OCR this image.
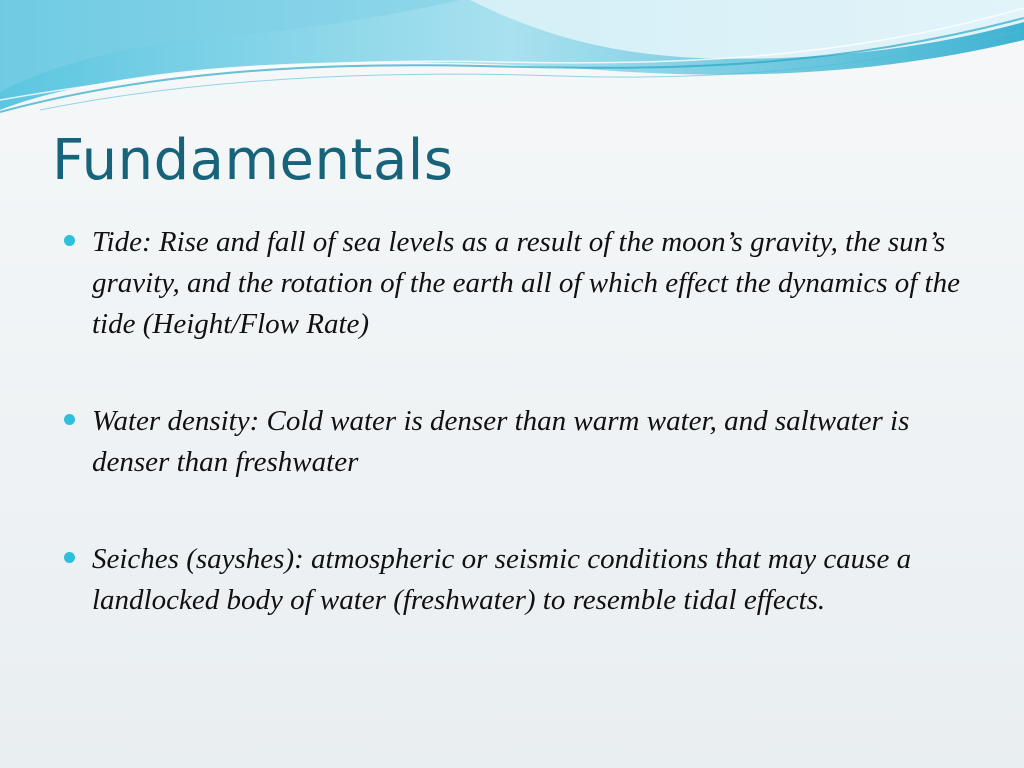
Fundamentals
Tide: Rise and fall of sea levels as a result of the moon’s gravity, the sun’s gravity, and the rotation of the earth all of which effect the dynamics of the tide (Height/Flow Rate)
Water density: Cold water is denser than warm water, and saltwater is denser than freshwater
Seiches (sayshes): atmospheric or seismic conditions that may cause a landlocked body of water (freshwater) to resemble tidal effects.
